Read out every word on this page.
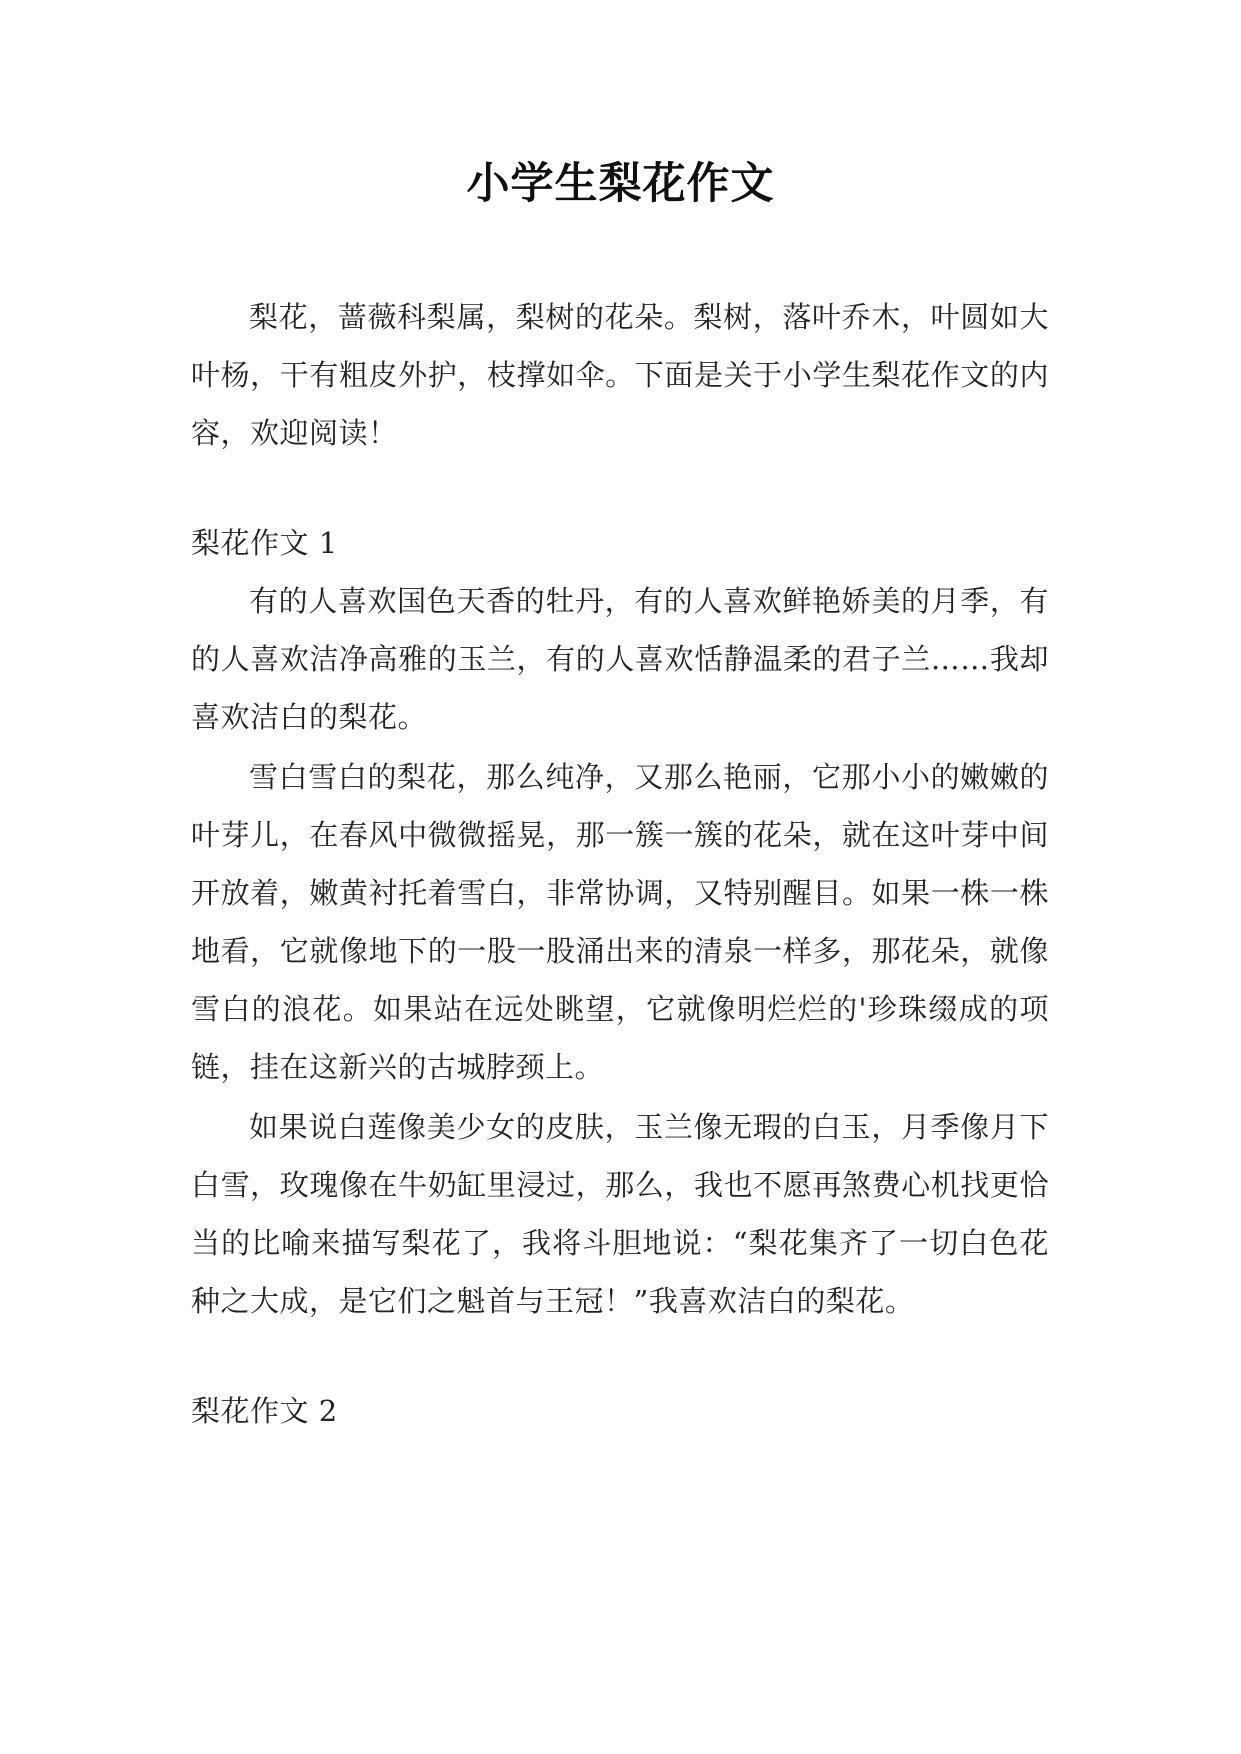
小学生梨花作文

梨花，蔷薇科梨属，梨树的花朵。梨树，落叶乔木，叶圆如大叶杨，干有粗皮外护，枝撑如伞。下面是关于小学生梨花作文的内容，欢迎阅读！

梨花作文 1

有的人喜欢国色天香的牡丹，有的人喜欢鲜艳娇美的月季，有的人喜欢洁净高雅的玉兰，有的人喜欢恬静温柔的君子兰……我却喜欢洁白的梨花。

雪白雪白的梨花，那么纯净，又那么艳丽，它那小小的嫩嫩的叶芽儿，在春风中微微摇晃，那一簇一簇的花朵，就在这叶芽中间开放着，嫩黄衬托着雪白，非常协调，又特别醒目。如果一株一株地看，它就像地下的一股一股涌出来的清泉一样多，那花朵，就像雪白的浪花。如果站在远处眺望，它就像明烂烂的'珍珠缀成的项链，挂在这新兴的古城脖颈上。

如果说白莲像美少女的皮肤，玉兰像无瑕的白玉，月季像月下白雪，玫瑰像在牛奶缸里浸过，那么，我也不愿再煞费心机找更恰当的比喻来描写梨花了，我将斗胆地说：“梨花集齐了一切白色花种之大成，是它们之魁首与王冠！”我喜欢洁白的梨花。

梨花作文 2
